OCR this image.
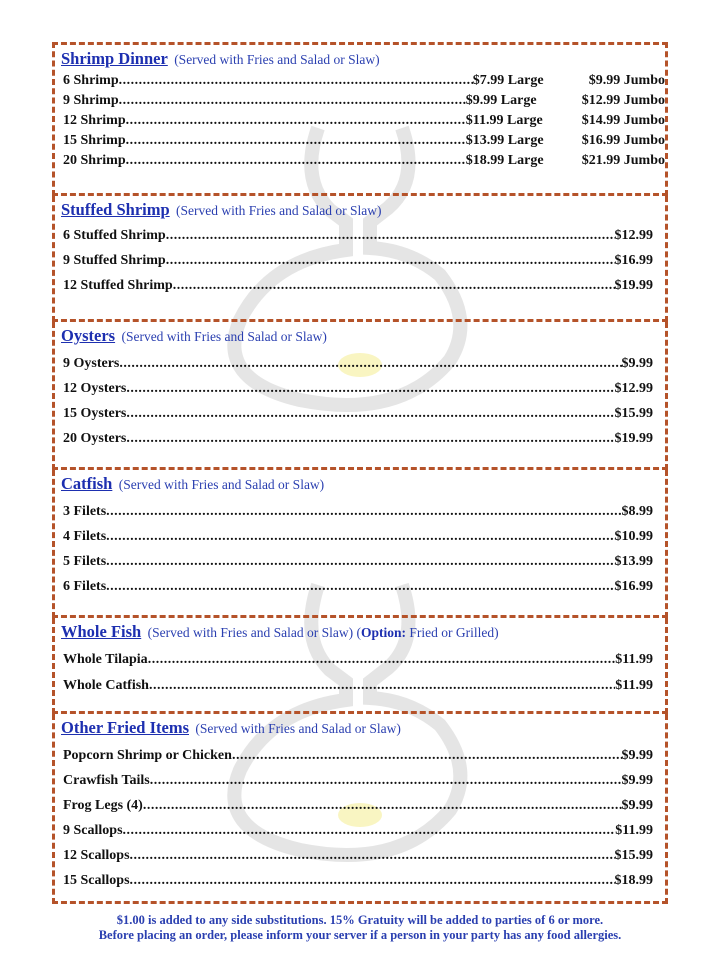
Shrimp Dinner (Served with Fries and Salad or Slaw)
6 Shrimp .....	$7.99 Large	$9.99 Jumbo
9 Shrimp .....	$9.99 Large	$12.99 Jumbo
12 Shrimp .....	$11.99 Large	$14.99 Jumbo
15 Shrimp .....	$13.99 Large	$16.99 Jumbo
20 Shrimp .....	$18.99 Large	$21.99 Jumbo
Stuffed Shrimp (Served with Fries and Salad or Slaw)
6 Stuffed Shrimp .....	$12.99
9 Stuffed Shrimp .....	$16.99
12 Stuffed Shrimp .....	$19.99
Oysters (Served with Fries and Salad or Slaw)
9 Oysters .....	$9.99
12 Oysters .....	$12.99
15 Oysters .....	$15.99
20 Oysters .....	$19.99
Catfish (Served with Fries and Salad or Slaw)
3 Filets .....	$8.99
4 Filets .....	$10.99
5 Filets .....	$13.99
6 Filets .....	$16.99
Whole Fish (Served with Fries and Salad or Slaw) (Option: Fried or Grilled)
Whole Tilapia .....	$11.99
Whole Catfish .....	$11.99
Other Fried Items (Served with Fries and Salad or Slaw)
Popcorn Shrimp or Chicken .....	$9.99
Crawfish Tails .....	$9.99
Frog Legs (4) .....	$9.99
9 Scallops .....	$11.99
12 Scallops .....	$15.99
15 Scallops .....	$18.99
$1.00 is added to any side substitutions. 15% Gratuity will be added to parties of 6 or more.
Before placing an order, please inform your server if a person in your party has any food allergies.
